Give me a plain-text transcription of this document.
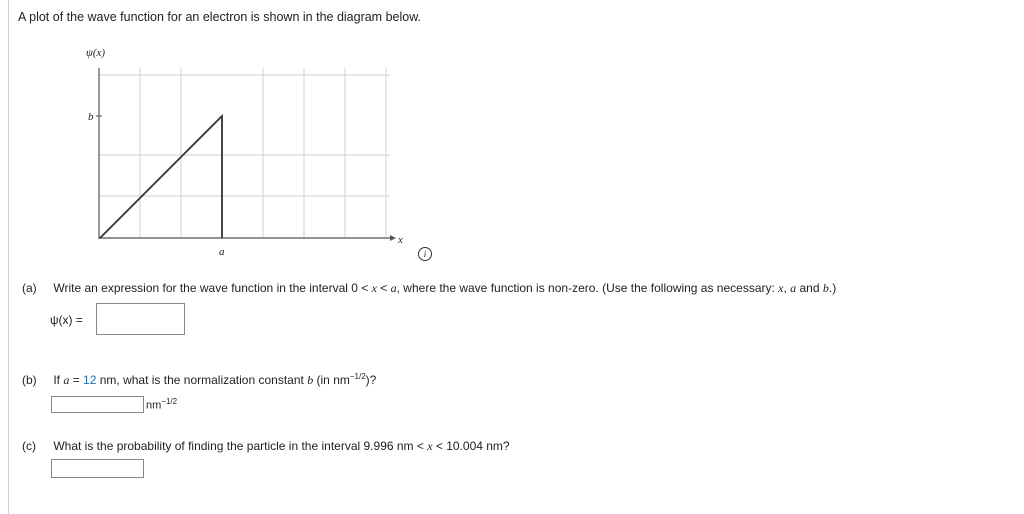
A plot of the wave function for an electron is shown in the diagram below.
ψ(x)
b
a
x
i
(a) Write an expression for the wave function in the interval 0 < x < a, where the wave function is non-zero. (Use the following as necessary: x, a and b.)
ψ(x) =
(b) If a = 12 nm, what is the normalization constant b (in $nm^{-1/2}$)?
$nm^{-1/2}$
(c) What is the probability of finding the particle in the interval 9.996 nm < x < 10.004 nm?
